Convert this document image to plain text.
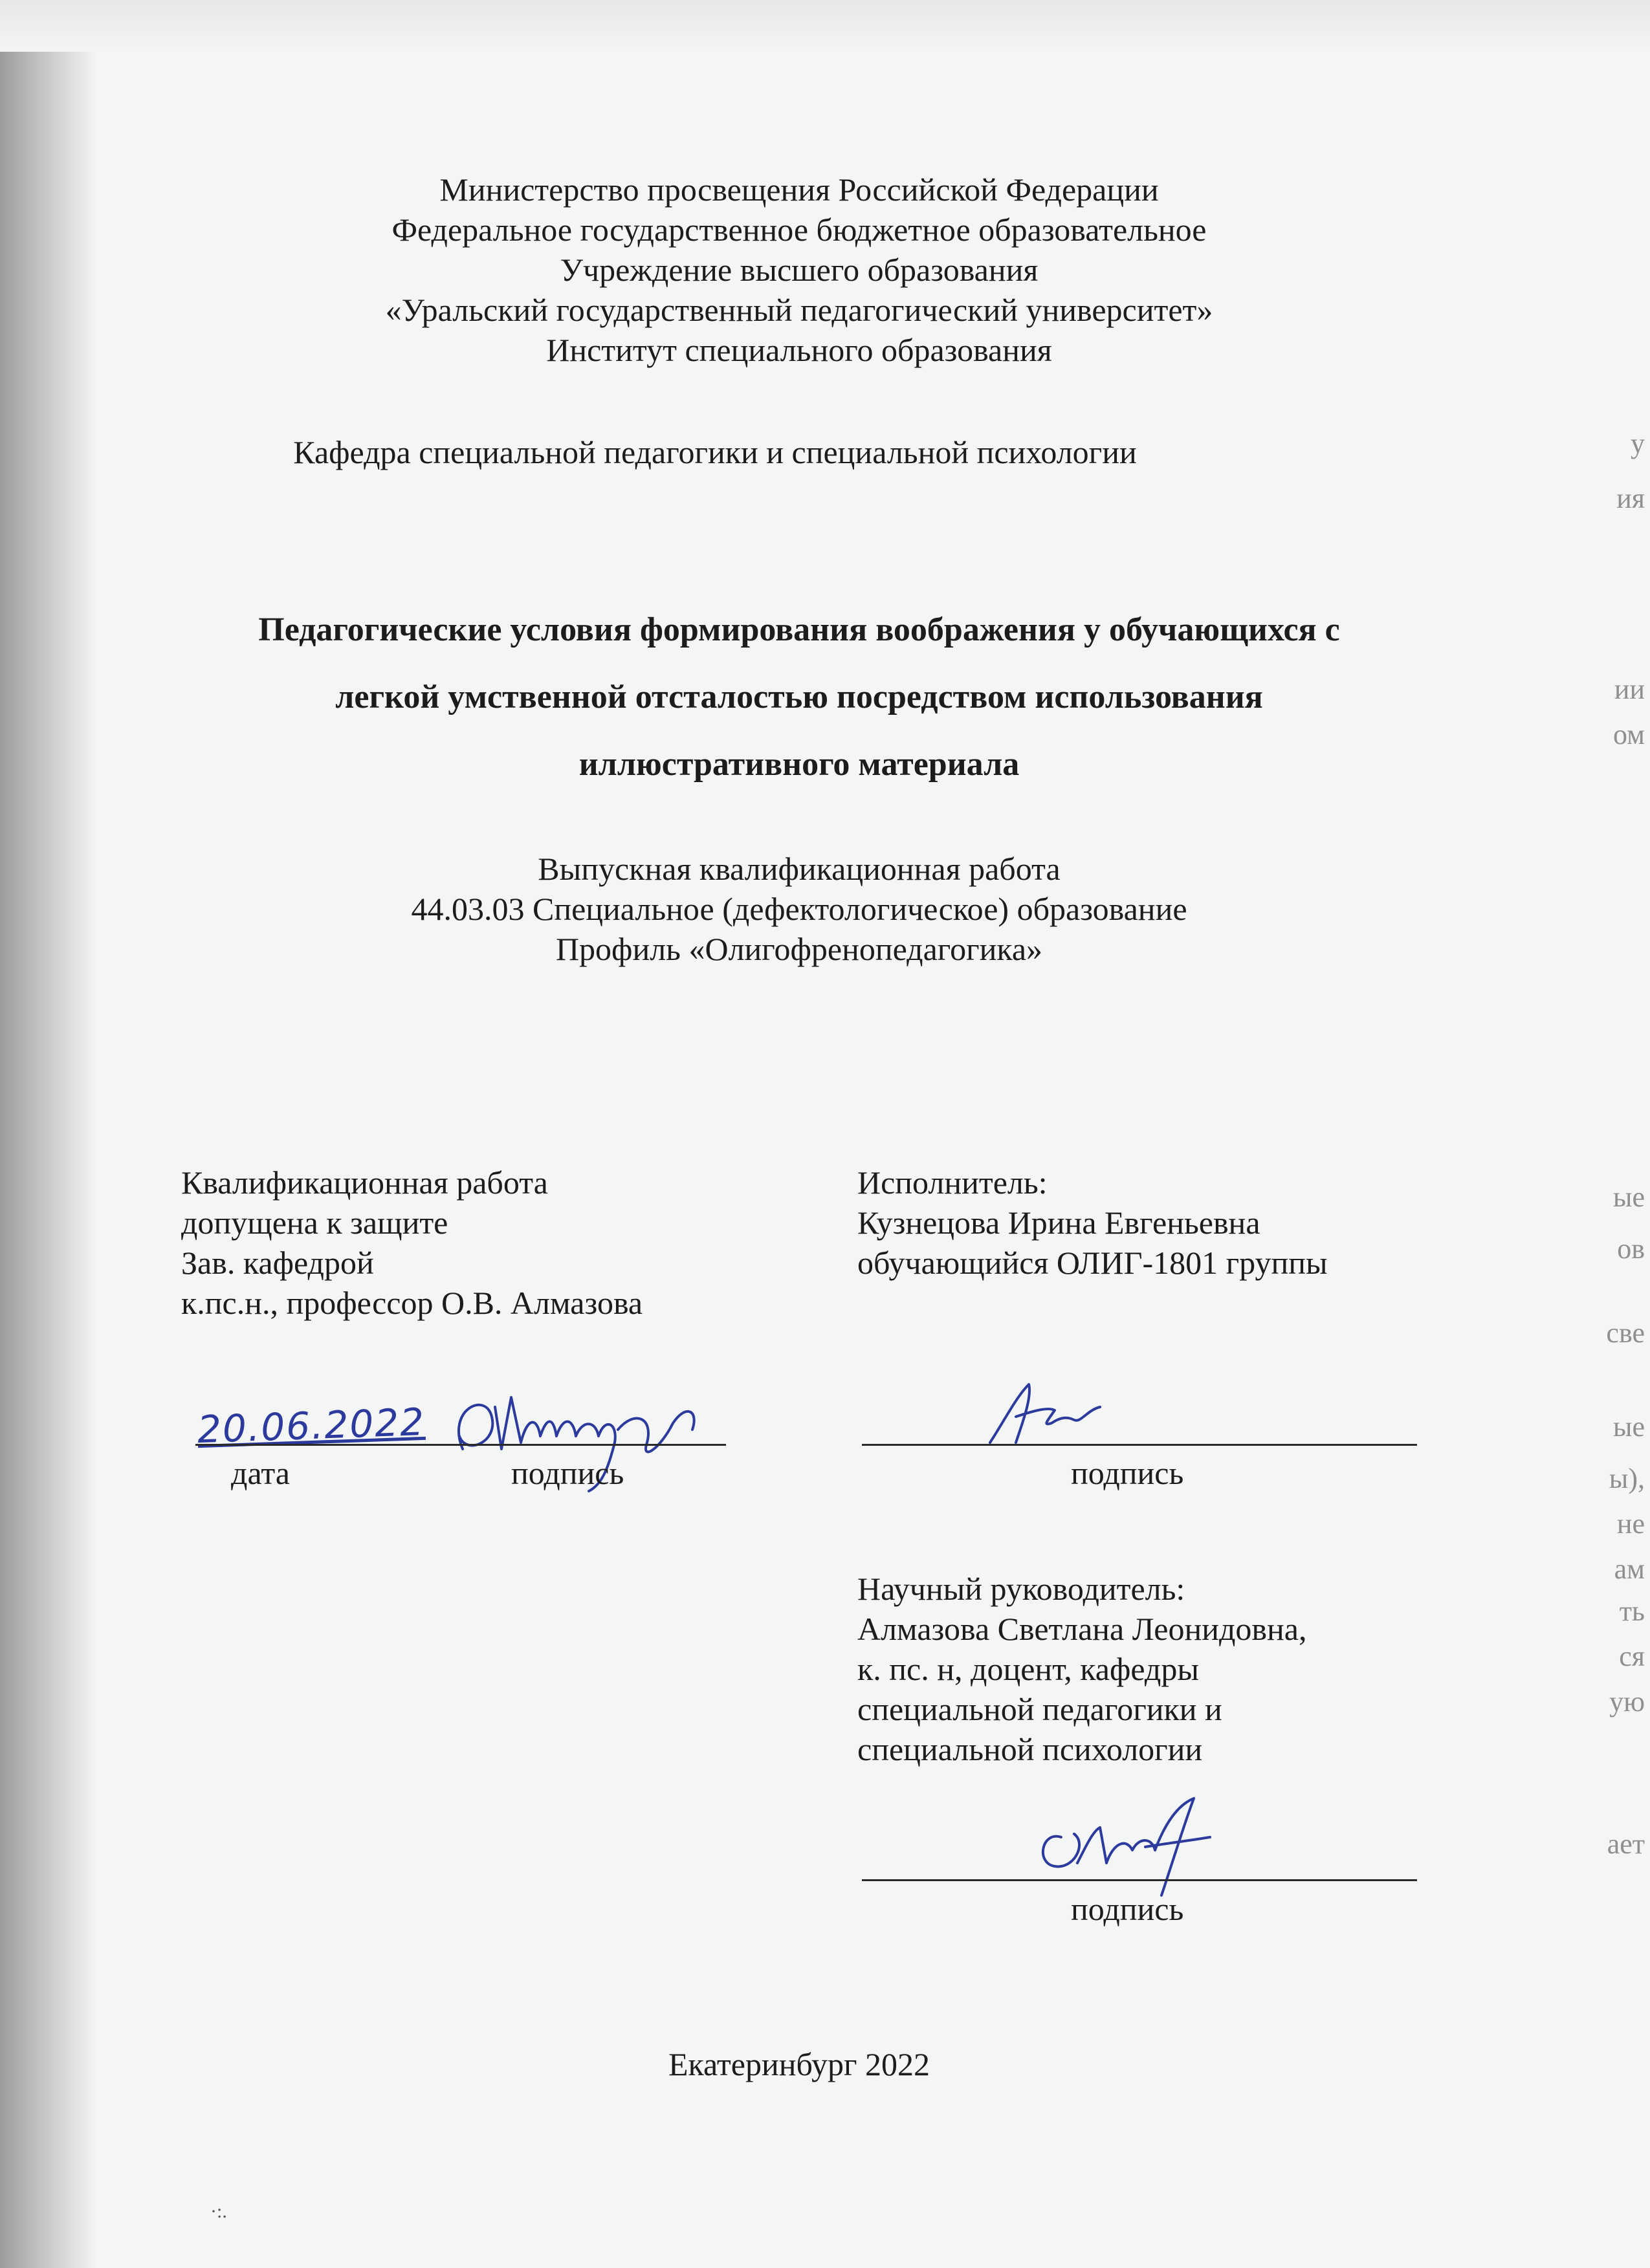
у
ия
ии
ом
ые
ов
све
ые
ы),
не
ам
ть
ся
ую
ает
Министерство просвещения Российской Федерации
Федеральное государственное бюджетное образовательное
Учреждение высшего образования
«Уральский государственный педагогический университет»
Институт специального образования
Кафедра специальной педагогики и специальной психологии
Педагогические условия формирования воображения у обучающихся с
легкой умственной отсталостью посредством использования
иллюстративного материала
Выпускная квалификационная работа
44.03.03 Специальное (дефектологическое) образование
Профиль «Олигофренопедагогика»
Квалификационная работа
допущена к защите
Зав. кафедрой
к.пс.н., профессор О.В. Алмазова
20.06.2022
дата	подпись
Исполнитель:
Кузнецова Ирина Евгеньевна
обучающийся ОЛИГ-1801 группы
подпись
Научный руководитель:
Алмазова Светлана Леонидовна,
к. пс. н, доцент, кафедры
специальной педагогики и
специальной психологии
подпись
Екатеринбург 2022
·:.
